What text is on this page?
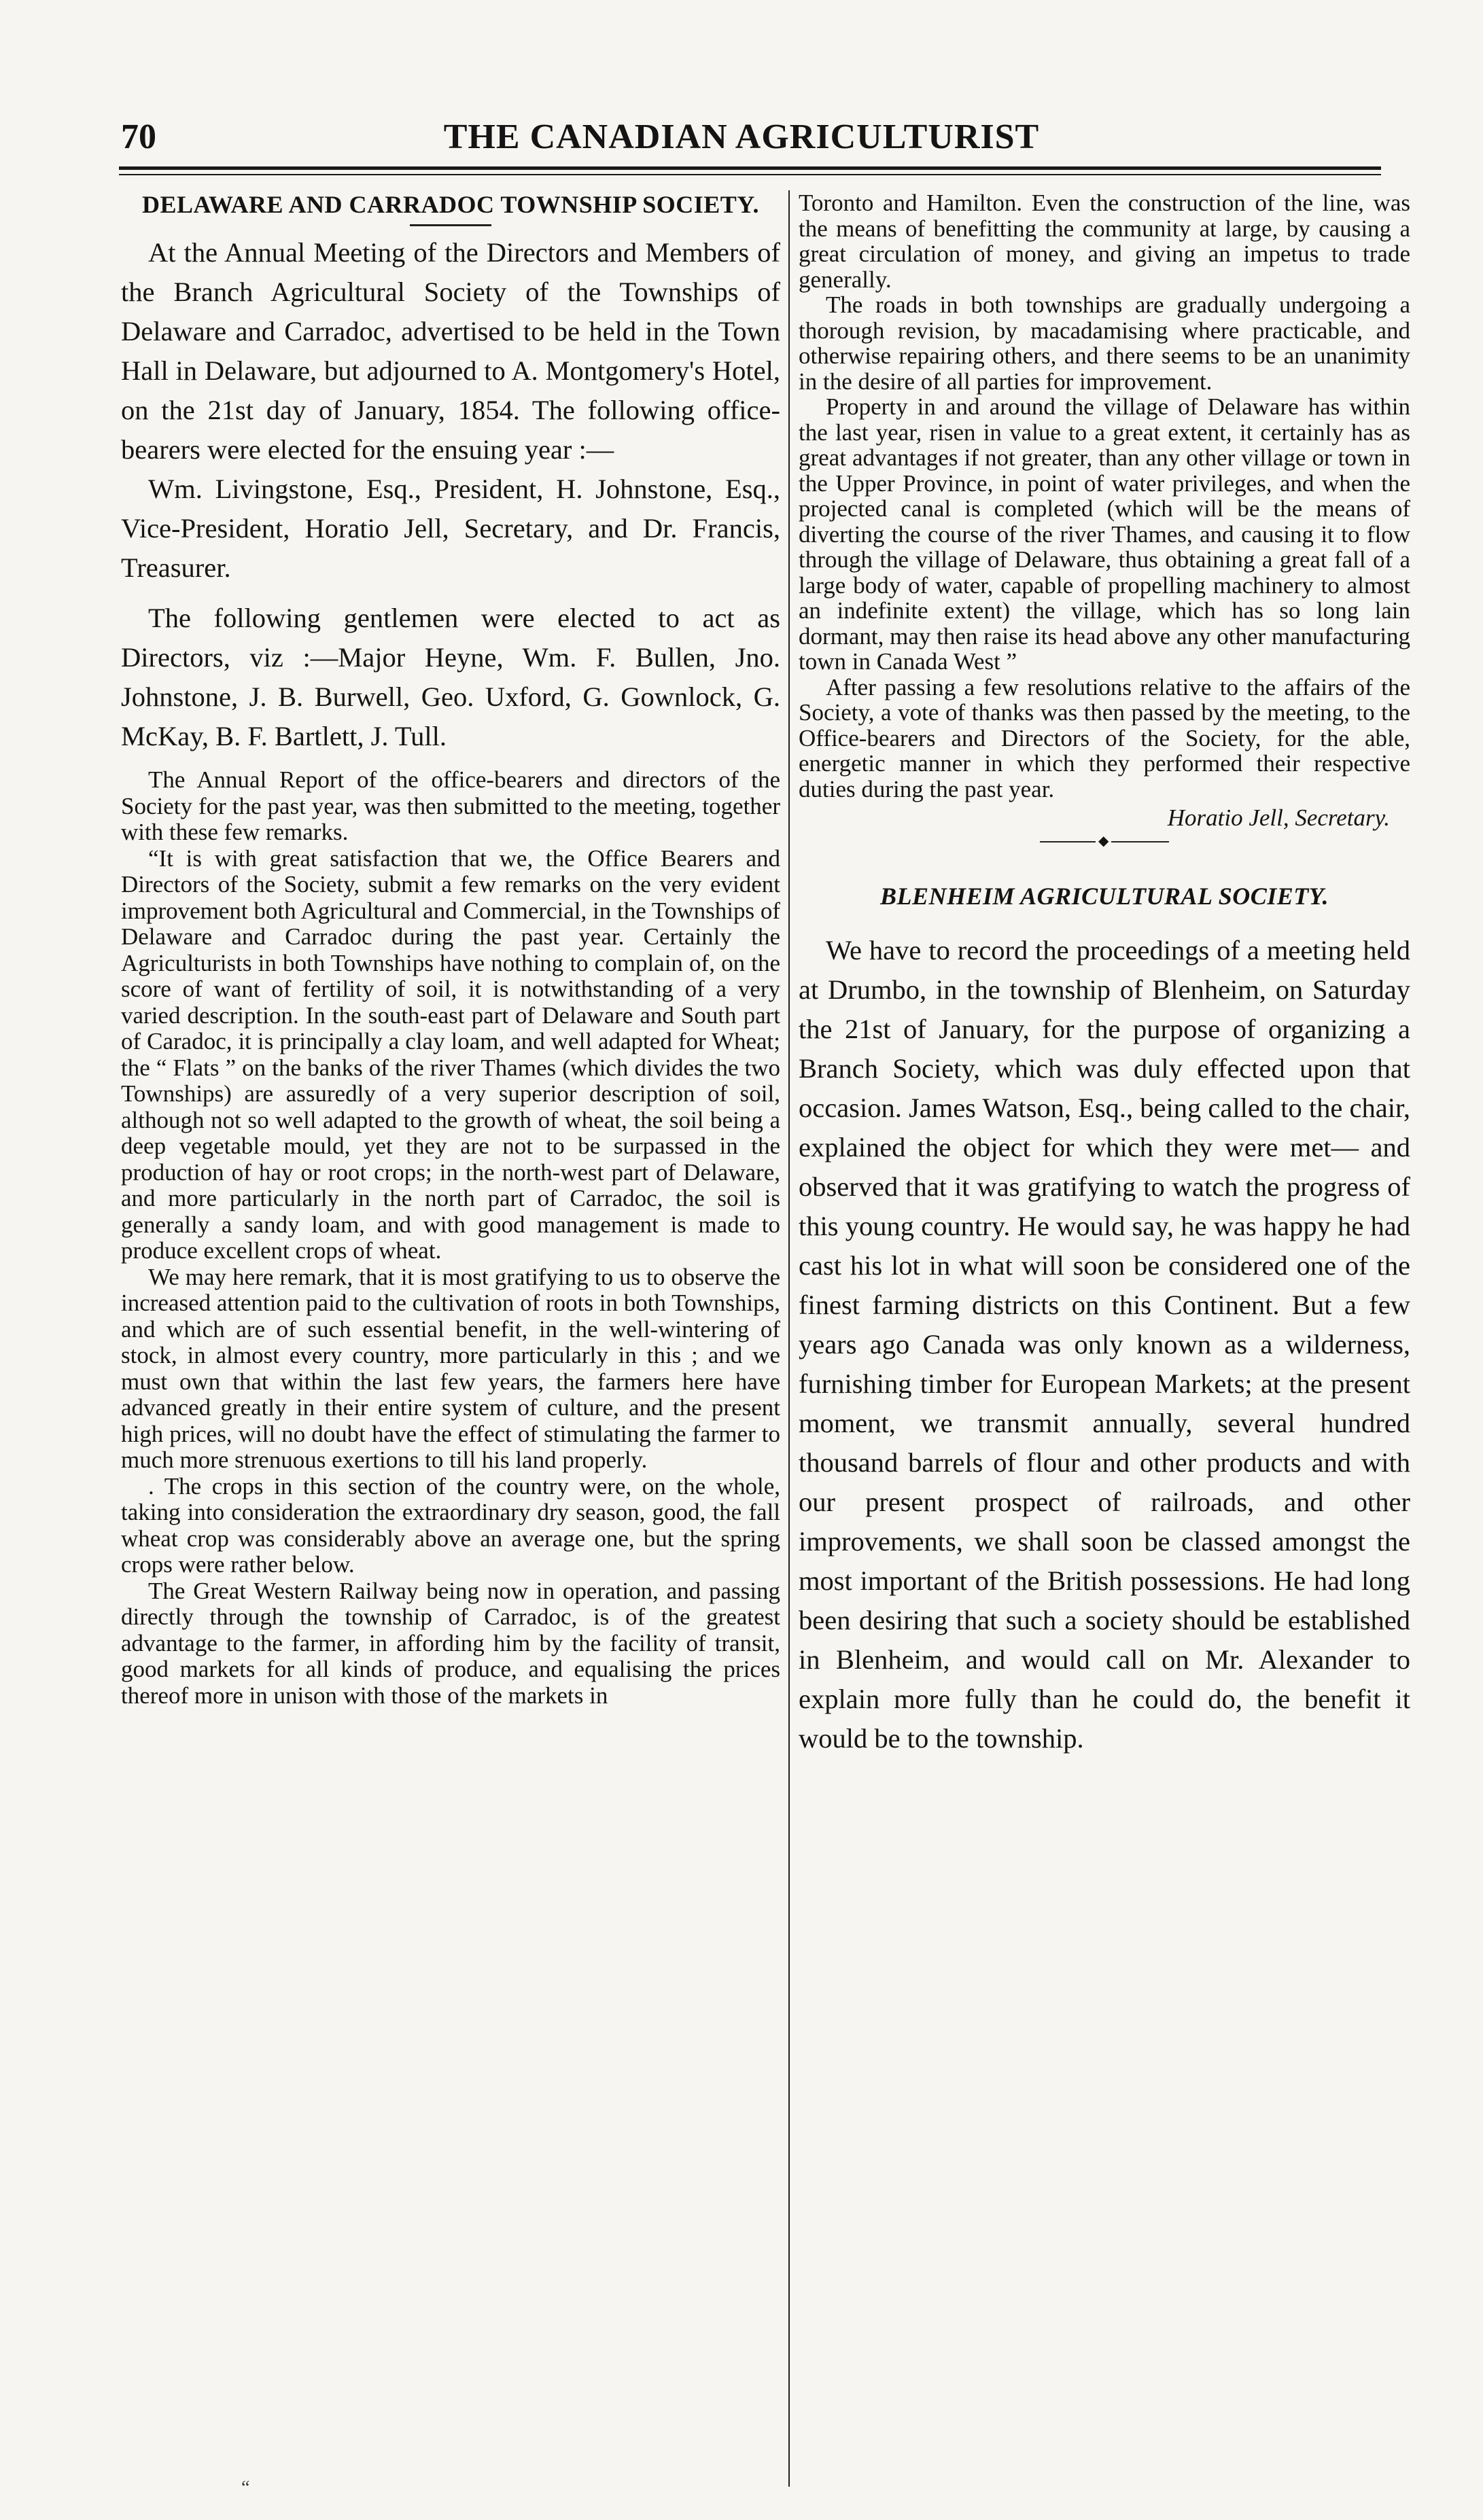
70	THE CANADIAN AGRICULTURIST
DELAWARE AND CARRADOC TOWNSHIP SOCIETY.

At the Annual Meeting of the Directors and Members of the Branch Agricultural Society of the Townships of Delaware and Carradoc, advertised to be held in the Town Hall in Delaware, but adjourned to A. Montgomery's Hotel, on the 21st day of January, 1854. The following office-bearers were elected for the ensuing year :—

Wm. Livingstone, Esq., President, H. Johnstone, Esq., Vice-President, Horatio Jell, Secretary, and Dr. Francis, Treasurer.

The following gentlemen were elected to act as Directors, viz :—Major Heyne, Wm. F. Bullen, Jno. Johnstone, J. B. Burwell, Geo. Uxford, G. Gownlock, G. McKay, B. F. Bartlett, J. Tull.

The Annual Report of the office-bearers and directors of the Society for the past year, was then submitted to the meeting, together with these few remarks.

“It is with great satisfaction that we, the Office Bearers and Directors of the Society, submit a few remarks on the very evident improvement both Agricultural and Commercial, in the Townships of Delaware and Carradoc during the past year. Certainly the Agriculturists in both Townships have nothing to complain of, on the score of want of fertility of soil, it is notwithstanding of a very varied description. In the south-east part of Delaware and South part of Caradoc, it is principally a clay loam, and well adapted for Wheat; the “ Flats ” on the banks of the river Thames (which divides the two Townships) are assuredly of a very superior description of soil, although not so well adapted to the growth of wheat, the soil being a deep vegetable mould, yet they are not to be surpassed in the production of hay or root crops; in the north-west part of Delaware, and more particularly in the north part of Carradoc, the soil is generally a sandy loam, and with good management is made to produce excellent crops of wheat.

We may here remark, that it is most gratifying to us to observe the increased attention paid to the cultivation of roots in both Townships, and which are of such essential benefit, in the well-wintering of stock, in almost every country, more particularly in this ; and we must own that within the last few years, the farmers here have advanced greatly in their entire system of culture, and the present high prices, will no doubt have the effect of stimulating the farmer to much more strenuous exertions to till his land properly.

. The crops in this section of the country were, on the whole, taking into consideration the extraordinary dry season, good, the fall wheat crop was considerably above an average one, but the spring crops were rather below.

The Great Western Railway being now in operation, and passing directly through the township of Carradoc, is of the greatest advantage to the farmer, in affording him by the facility of transit, good markets for all kinds of produce, and equalising the prices thereof more in unison with those of the markets in

Toronto and Hamilton. Even the construction of the line, was the means of benefitting the community at large, by causing a great circulation of money, and giving an impetus to trade generally.

The roads in both townships are gradually undergoing a thorough revision, by macadamising where practicable, and otherwise repairing others, and there seems to be an unanimity in the desire of all parties for improvement.

Property in and around the village of Delaware has within the last year, risen in value to a great extent, it certainly has as great advantages if not greater, than any other village or town in the Upper Province, in point of water privileges, and when the projected canal is completed (which will be the means of diverting the course of the river Thames, and causing it to flow through the village of Delaware, thus obtaining a great fall of a large body of water, capable of propelling machinery to almost an indefinite extent) the village, which has so long lain dormant, may then raise its head above any other manufacturing town in Canada West ”

After passing a few resolutions relative to the affairs of the Society, a vote of thanks was then passed by the meeting, to the Office-bearers and Directors of the Society, for the able, energetic manner in which they performed their respective duties during the past year.

Horatio Jell, Secretary.
◆
BLENHEIM AGRICULTURAL SOCIETY.

We have to record the proceedings of a meeting held at Drumbo, in the township of Blenheim, on Saturday the 21st of January, for the purpose of organizing a Branch Society, which was duly effected upon that occasion. James Watson, Esq., being called to the chair, explained the object for which they were met— and observed that it was gratifying to watch the progress of this young country. He would say, he was happy he had cast his lot in what will soon be considered one of the finest farming districts on this Continent. But a few years ago Canada was only known as a wilderness, furnishing timber for European Markets; at the present moment, we transmit annually, several hundred thousand barrels of flour and other products and with our present prospect of railroads, and other improvements, we shall soon be classed amongst the most important of the British possessions. He had long been desiring that such a society should be established in Blenheim, and would call on Mr. Alexander to explain more fully than he could do, the benefit it would be to the township.

“
